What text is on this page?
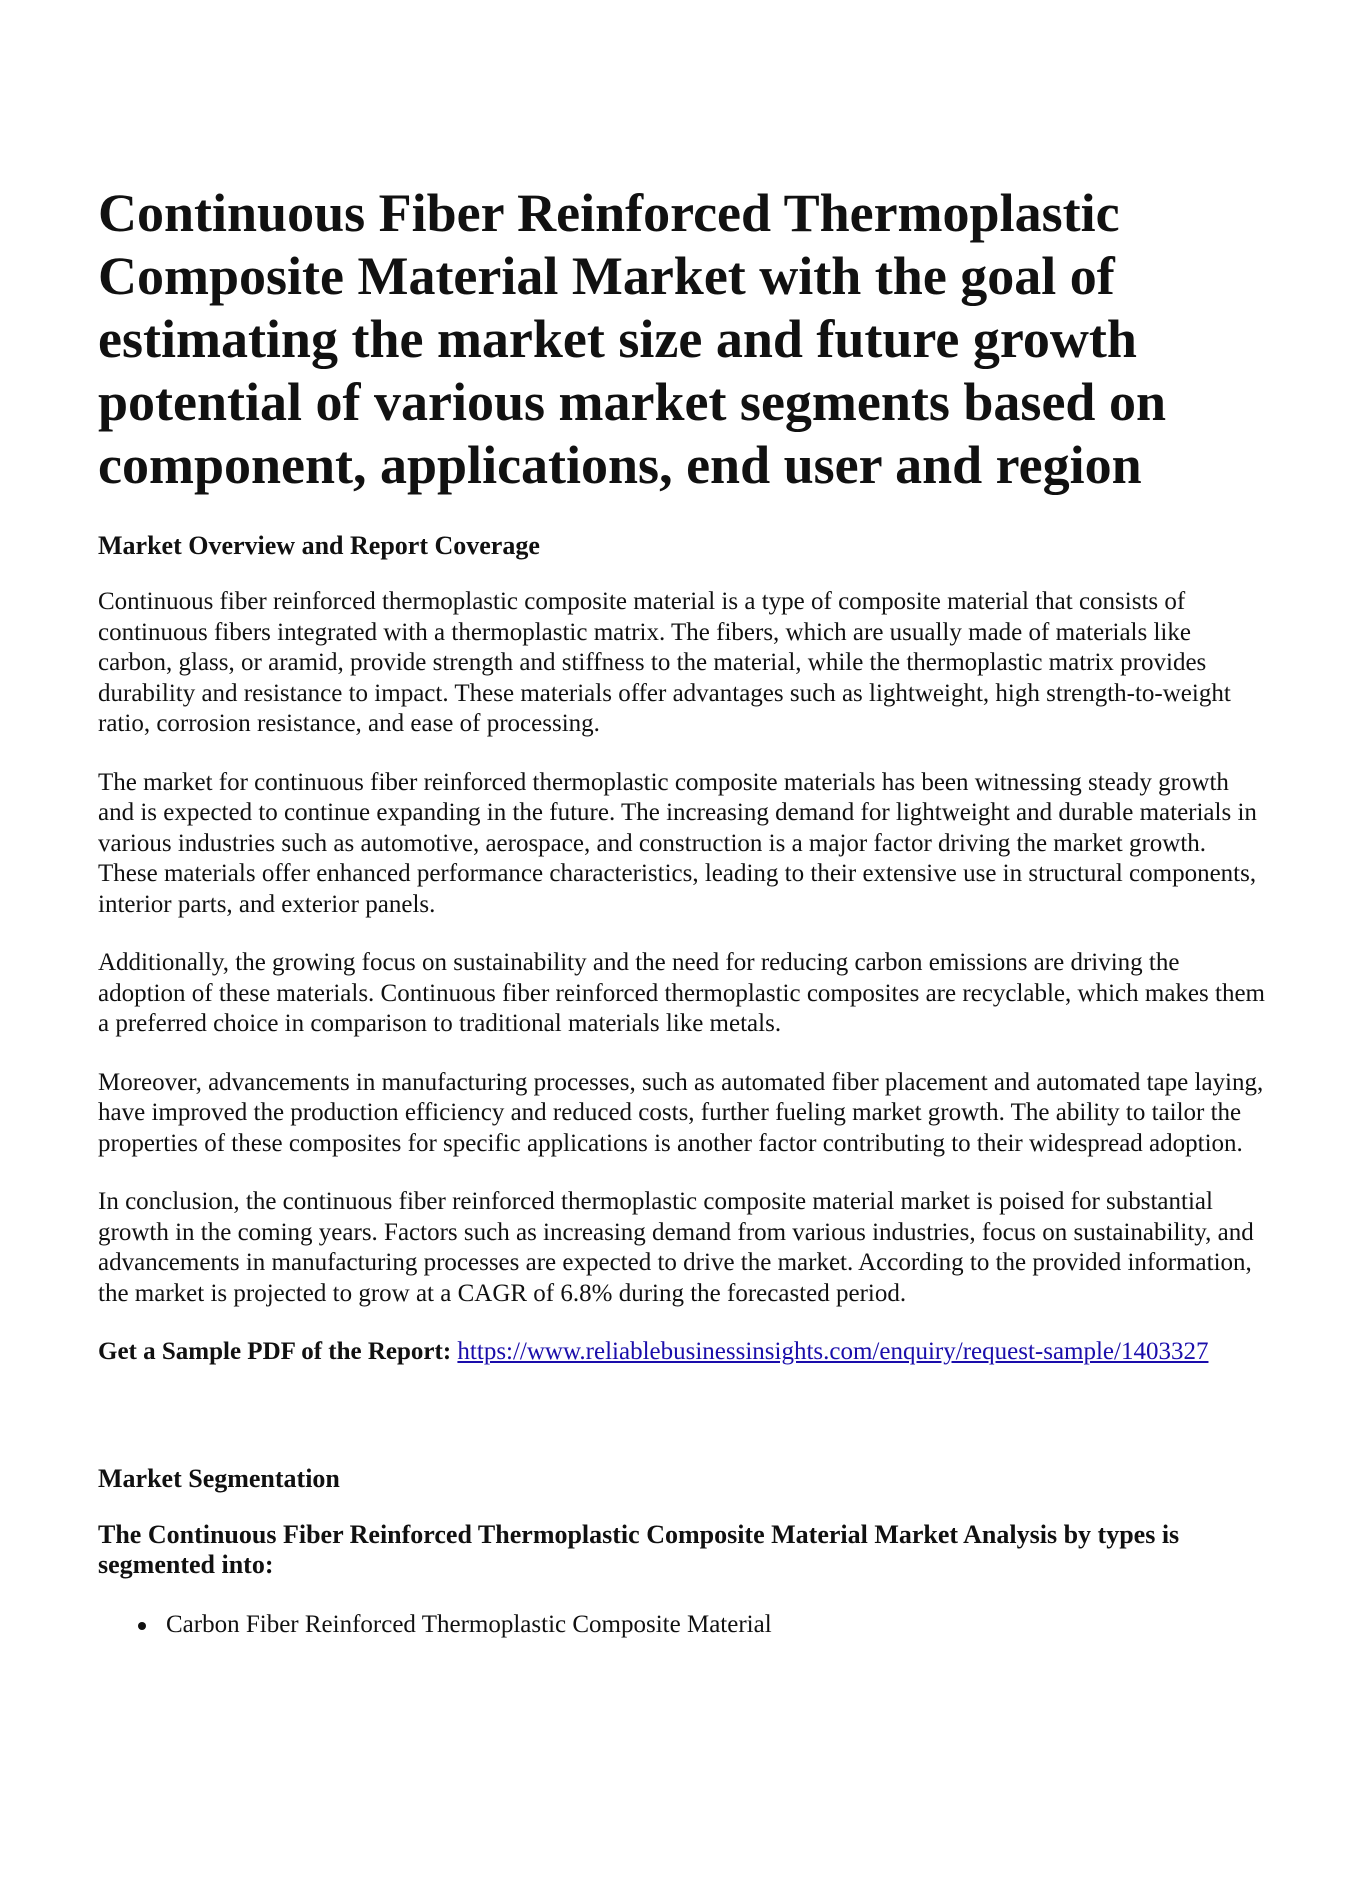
Continuous Fiber Reinforced Thermoplastic Composite Material Market with the goal of estimating the market size and future growth potential of various market segments based on component, applications, end user and region
Market Overview and Report Coverage

Continuous fiber reinforced thermoplastic composite material is a type of composite material that consists of continuous fibers integrated with a thermoplastic matrix. The fibers, which are usually made of materials like carbon, glass, or aramid, provide strength and stiffness to the material, while the thermoplastic matrix provides durability and resistance to impact. These materials offer advantages such as lightweight, high strength-to-weight ratio, corrosion resistance, and ease of processing.

The market for continuous fiber reinforced thermoplastic composite materials has been witnessing steady growth and is expected to continue expanding in the future. The increasing demand for lightweight and durable materials in various industries such as automotive, aerospace, and construction is a major factor driving the market growth. These materials offer enhanced performance characteristics, leading to their extensive use in structural components, interior parts, and exterior panels.

Additionally, the growing focus on sustainability and the need for reducing carbon emissions are driving the adoption of these materials. Continuous fiber reinforced thermoplastic composites are recyclable, which makes them a preferred choice in comparison to traditional materials like metals.

Moreover, advancements in manufacturing processes, such as automated fiber placement and automated tape laying, have improved the production efficiency and reduced costs, further fueling market growth. The ability to tailor the properties of these composites for specific applications is another factor contributing to their widespread adoption.

In conclusion, the continuous fiber reinforced thermoplastic composite material market is poised for substantial growth in the coming years. Factors such as increasing demand from various industries, focus on sustainability, and advancements in manufacturing processes are expected to drive the market. According to the provided information, the market is projected to grow at a CAGR of 6.8% during the forecasted period.

Get a Sample PDF of the Report: https://www.reliablebusinessinsights.com/enquiry/request-sample/1403327

Market Segmentation
The Continuous Fiber Reinforced Thermoplastic Composite Material Market Analysis by types is segmented into:
Carbon Fiber Reinforced Thermoplastic Composite Material
